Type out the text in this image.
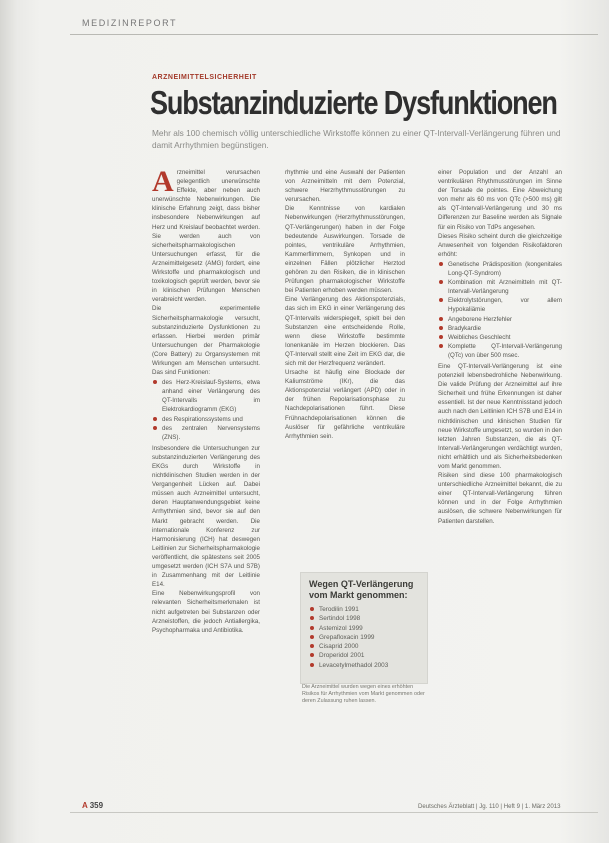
MEDIZINREPORT
ARZNEIMITTELSICHERHEIT
Substanzinduzierte Dysfunktionen
Mehr als 100 chemisch völlig unterschiedliche Wirkstoffe können zu einer QT-Intervall-Verlängerung führen und damit Arrhythmien begünstigen.

Arzneimittel verursachen gelegentlich unerwünschte Effekte, aber neben auch unerwünschte Nebenwirkungen. Die klinische Erfahrung zeigt, dass bisher insbesondere Nebenwirkungen auf Herz und Kreislauf beobachtet werden. Sie werden auch von sicherheitspharmakologischen Untersuchungen erfasst, für die Arzneimittelgesetz (AMG) fordert, eine Wirkstoffe und pharmakologisch und toxikologisch geprüft werden, bevor sie in klinischen Prüfungen Menschen verabreicht werden.

Die experimentelle Sicherheitspharmakologie versucht, substanzinduzierte Dysfunktionen zu erfassen. Hierbei werden primär Untersuchungen der Pharmakologie (Core Battery) zu Organsystemen mit Wirkungen am Menschen untersucht. Das sind Funktionen:

des Herz-Kreislauf-Systems, etwa anhand einer Verlängerung des QT-Intervalls im Elektrokardiogramm (EKG)
des Respirationssystems und
des zentralen Nervensystems (ZNS).

Insbesondere die Untersuchungen zur substanzinduzierten Verlängerung des EKGs durch Wirkstoffe in nichtklinischen Studien werden in der Vergangenheit Lücken auf. Dabei müssen auch Arzneimittel untersucht, deren Hauptanwendungsgebiet keine Arrhythmien sind, bevor sie auf den Markt gebracht werden. Die internationale Konferenz zur Harmonisierung (ICH) hat deswegen Leitlinien zur Sicherheitspharmakologie veröffentlicht, die spätestens seit 2005 umgesetzt werden (ICH S7A und S7B) in Zusammenhang mit der Leitlinie E14.

Eine Nebenwirkungsprofil von relevanten Sicherheitsmerkmalen ist nicht aufgetreten bei Substanzen oder Arzneistoffen, die jedoch Antiallergika, Psychopharmaka und Antibiotika.

rhythmie und eine Auswahl der Patienten von Arzneimitteln mit dem Potenzial, schwere Herzrhythmusstörungen zu verursachen.

Die Kenntnisse von kardialen Nebenwirkungen (Herzrhythmusstörungen, QT-Verlängerungen) haben in der Folge bedeutende Auswirkungen. Torsade de pointes, ventrikuläre Arrhythmien, Kammerflimmern, Synkopen und in einzelnen Fällen plötzlicher Herztod gehören zu den Risiken, die in klinischen Prüfungen pharmakologischer Wirkstoffe bei Patienten erhoben werden müssen.

Eine Verlängerung des Aktionspotenzials, das sich im EKG in einer Verlängerung des QT-Intervalls widerspiegelt, spielt bei den Substanzen eine entscheidende Rolle, wenn diese Wirkstoffe bestimmte Ionenkanäle im Herzen blockieren. Das QT-Intervall stellt eine Zeit im EKG dar, die sich mit der Herzfrequenz verändert.

Ursache ist häufig eine Blockade der Kaliumströme (IKr), die das Aktionspotenzial verlängert (APD) oder in der frühen Repolarisationsphase zu Nachdepolarisationen führt. Diese Frühnachdepolarisationen können die Auslöser für gefährliche ventrikuläre Arrhythmien sein.

einer Population und der Anzahl an ventrikulären Rhythmusstörungen im Sinne der Torsade de pointes. Eine Abweichung von mehr als 60 ms von QTc (>500 ms) gilt als QT-Intervall-Verlängerung und 30 ms Differenzen zur Baseline werden als Signale für ein Risiko von TdPs angesehen.

Dieses Risiko scheint durch die gleichzeitige Anwesenheit von folgenden Risikofaktoren erhöht:

Genetische Prädisposition (kongenitales Long-QT-Syndrom)
Kombination mit Arzneimitteln mit QT-Intervall-Verlängerung
Elektrolytstörungen, vor allem Hypokaliämie
Angeborene Herzfehler
Bradykardie
Weibliches Geschlecht
Komplette QT-Intervall-Verlängerung (QTc) von über 500 msec.

Eine QT-Intervall-Verlängerung ist eine potenziell lebensbedrohliche Nebenwirkung. Die valide Prüfung der Arzneimittel auf ihre Sicherheit und frühe Erkennungen ist daher essentiell. Ist der neue Kenntnisstand jedoch auch nach den Leitlinien ICH S7B und E14 in nichtklinischen und klinischen Studien für neue Wirkstoffe umgesetzt, so wurden in den letzten Jahren Substanzen, die als QT-Intervall-Verlängerungen verdächtigt wurden, nicht erhältlich und als Sicherheitsbedenken vom Markt genommen.

Risiken sind diese 100 pharmakologisch unterschiedliche Arzneimittel bekannt, die zu einer QT-Intervall-Verlängerung führen können und in der Folge Arrhythmien auslösen, die schwere Nebenwirkungen für Patienten darstellen.

Wegen QT-Verlängerung vom Markt genommen:
Terodilin 1991
Sertindol 1998
Astemizol 1999
Grepafloxacin 1999
Cisaprid 2000
Droperidol 2001
Levacetylmethadol 2003
Die Arzneimittel wurden wegen eines erhöhten Risikos für Arrhythmien vom Markt genommen oder deren Zulassung ruhen lassen.
A 359	Deutsches Ärzteblatt | Jg. 110 | Heft 9 | 1. März 2013
